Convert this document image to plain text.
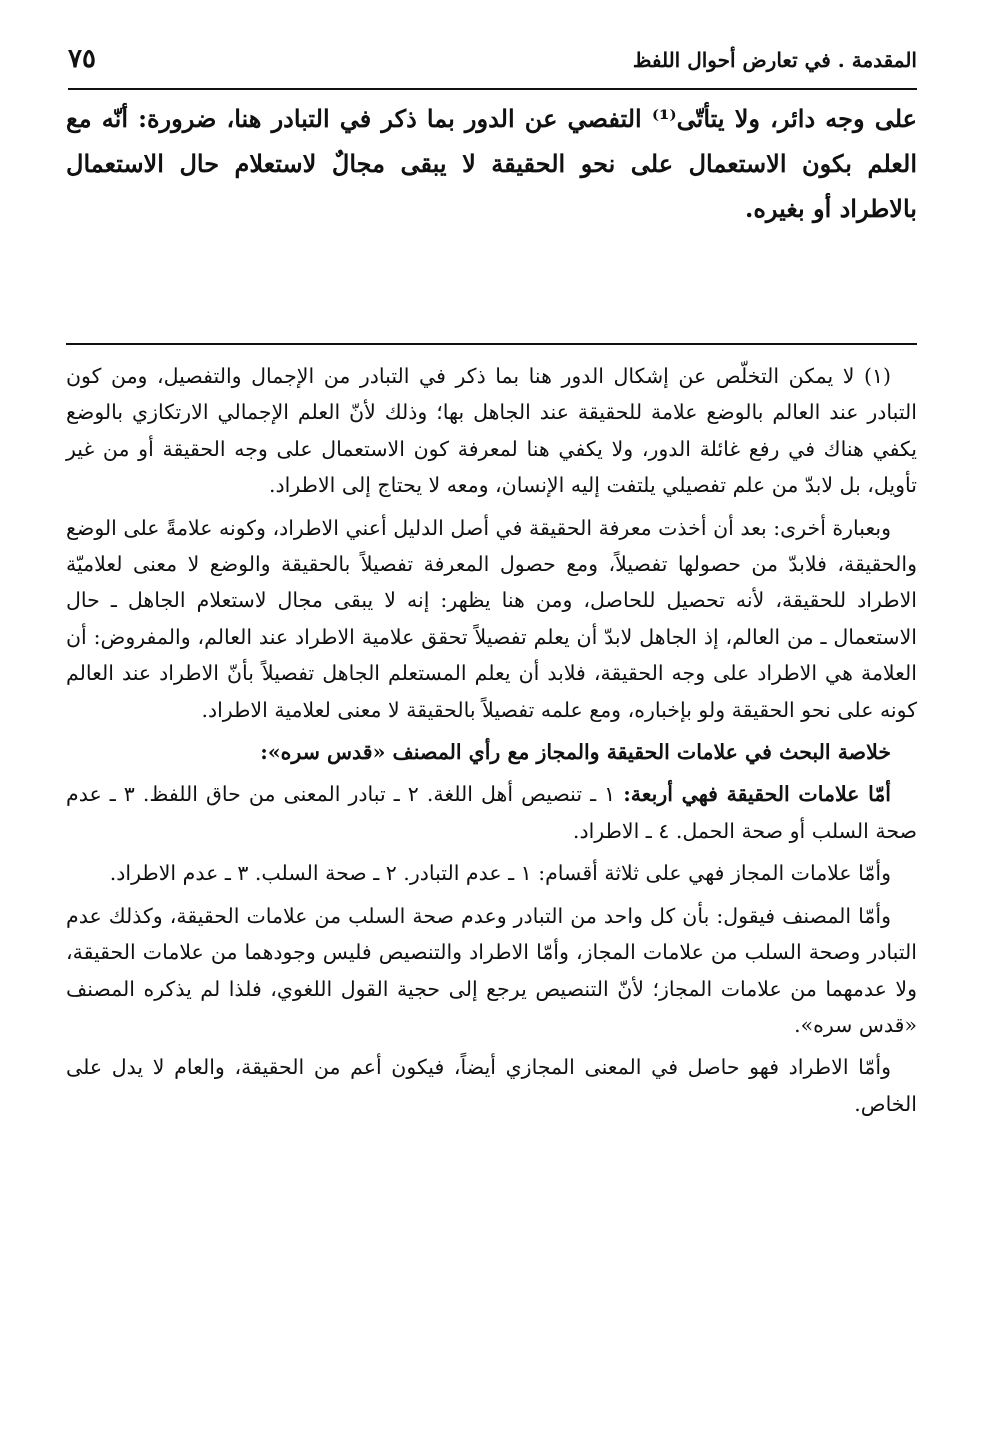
المقدمة . في تعارض أحوال اللفظ
٧٥
على وجه دائر، ولا يتأتّى⁽¹⁾ التفصي عن الدور بما ذكر في التبادر هنا، ضرورة: أنّه مع العلم بكون الاستعمال على نحو الحقيقة لا يبقى مجالٌ لاستعلام حال الاستعمال بالاطراد أو بغيره.

(١) لا يمكن التخلّص عن إشكال الدور هنا بما ذكر في التبادر من الإجمال والتفصيل، ومن كون التبادر عند العالم بالوضع علامة للحقيقة عند الجاهل بها؛ وذلك لأنّ العلم الإجمالي الارتكازي بالوضع يكفي هناك في رفع غائلة الدور، ولا يكفي هنا لمعرفة كون الاستعمال على وجه الحقيقة أو من غير تأويل، بل لابدّ من علم تفصيلي يلتفت إليه الإنسان، ومعه لا يحتاج إلى الاطراد.

وبعبارة أخرى: بعد أن أخذت معرفة الحقيقة في أصل الدليل أعني الاطراد، وكونه علامةً على الوضع والحقيقة، فلابدّ من حصولها تفصيلاً، ومع حصول المعرفة تفصيلاً بالحقيقة والوضع لا معنى لعلاميّة الاطراد للحقيقة، لأنه تحصيل للحاصل، ومن هنا يظهر: إنه لا يبقى مجال لاستعلام الجاهل ـ حال الاستعمال ـ من العالم، إذ الجاهل لابدّ أن يعلم تفصيلاً تحقق علامية الاطراد عند العالم، والمفروض: أن العلامة هي الاطراد على وجه الحقيقة، فلابد أن يعلم المستعلم الجاهل تفصيلاً بأنّ الاطراد عند العالم كونه على نحو الحقيقة ولو بإخباره، ومع علمه تفصيلاً بالحقيقة لا معنى لعلامية الاطراد.

خلاصة البحث في علامات الحقيقة والمجاز مع رأي المصنف «قدس سره»:

أمّا علامات الحقيقة فهي أربعة: ١ ـ تنصيص أهل اللغة. ٢ ـ تبادر المعنى من حاق اللفظ. ٣ ـ عدم صحة السلب أو صحة الحمل. ٤ ـ الاطراد.

وأمّا علامات المجاز فهي على ثلاثة أقسام: ١ ـ عدم التبادر. ٢ ـ صحة السلب. ٣ ـ عدم الاطراد.

وأمّا المصنف فيقول: بأن كل واحد من التبادر وعدم صحة السلب من علامات الحقيقة، وكذلك عدم التبادر وصحة السلب من علامات المجاز، وأمّا الاطراد والتنصيص فليس وجودهما من علامات الحقيقة، ولا عدمهما من علامات المجاز؛ لأنّ التنصيص يرجع إلى حجية القول اللغوي، فلذا لم يذكره المصنف «قدس سره».

وأمّا الاطراد فهو حاصل في المعنى المجازي أيضاً، فيكون أعم من الحقيقة، والعام لا يدل على الخاص.
